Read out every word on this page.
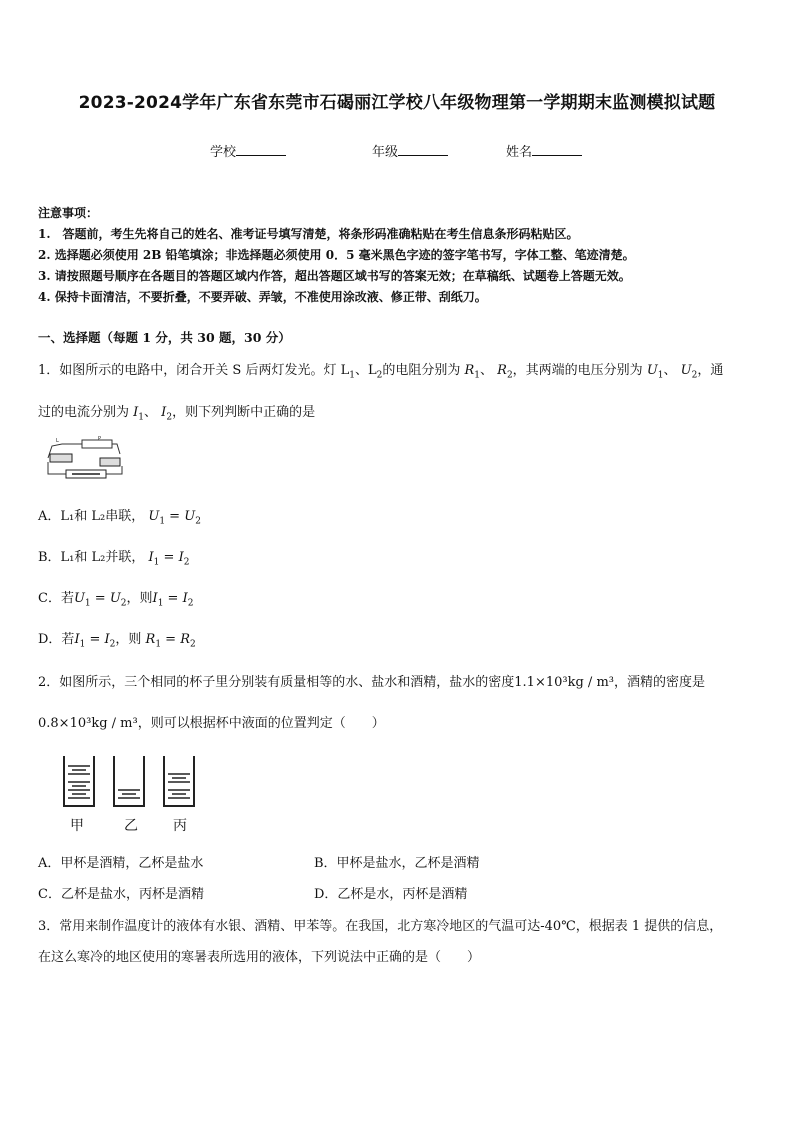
2023-2024学年广东省东莞市石碣丽江学校八年级物理第一学期期末监测模拟试题
学校	年级	姓名
注意事项：
1.　答题前，考生先将自己的姓名、准考证号填写清楚，将条形码准确粘贴在考生信息条形码粘贴区。
2. 选择题必须使用 2B 铅笔填涂；非选择题必须使用 0．5 毫米黑色字迹的签字笔书写，字体工整、笔迹清楚。
3. 请按照题号顺序在各题目的答题区域内作答，超出答题区域书写的答案无效；在草稿纸、试题卷上答题无效。
4. 保持卡面清洁，不要折叠，不要弄破、弄皱，不准使用涂改液、修正带、刮纸刀。
一、选择题（每题 1 分，共 30 题，30 分）
1．如图所示的电路中，闭合开关 S 后两灯发光。灯 $L_1$、$L_2$的电阻分别为 $R_1$、 $R_2$，其两端的电压分别为 $U_1$、 $U_2$，通
过的电流分别为 $I_1$、 $I_2$，则下列判断中正确的是
L	P
A．L₁和 L₂串联， $U_1 = U_2$
B．L₁和 L₂并联， $I_1 = I_2$
C．若$U_1 = U_2$，则$I_1 = I_2$
D．若$I_1 = I_2$，则 $R_1 = R_2$
2．如图所示，三个相同的杯子里分别装有质量相等的水、盐水和酒精，盐水的密度1.1×10³kg / m³，酒精的密度是
0.8×10³kg / m³，则可以根据杯中液面的位置判定（　　）
甲	乙	丙
A．甲杯是酒精，乙杯是盐水	B．甲杯是盐水，乙杯是酒精
C．乙杯是盐水，丙杯是酒精	D．乙杯是水，丙杯是酒精
3．常用来制作温度计的液体有水银、酒精、甲苯等。在我国，北方寒冷地区的气温可达-40℃，根据表 1 提供的信息，
在这么寒冷的地区使用的寒暑表所选用的液体，下列说法中正确的是（　　）
